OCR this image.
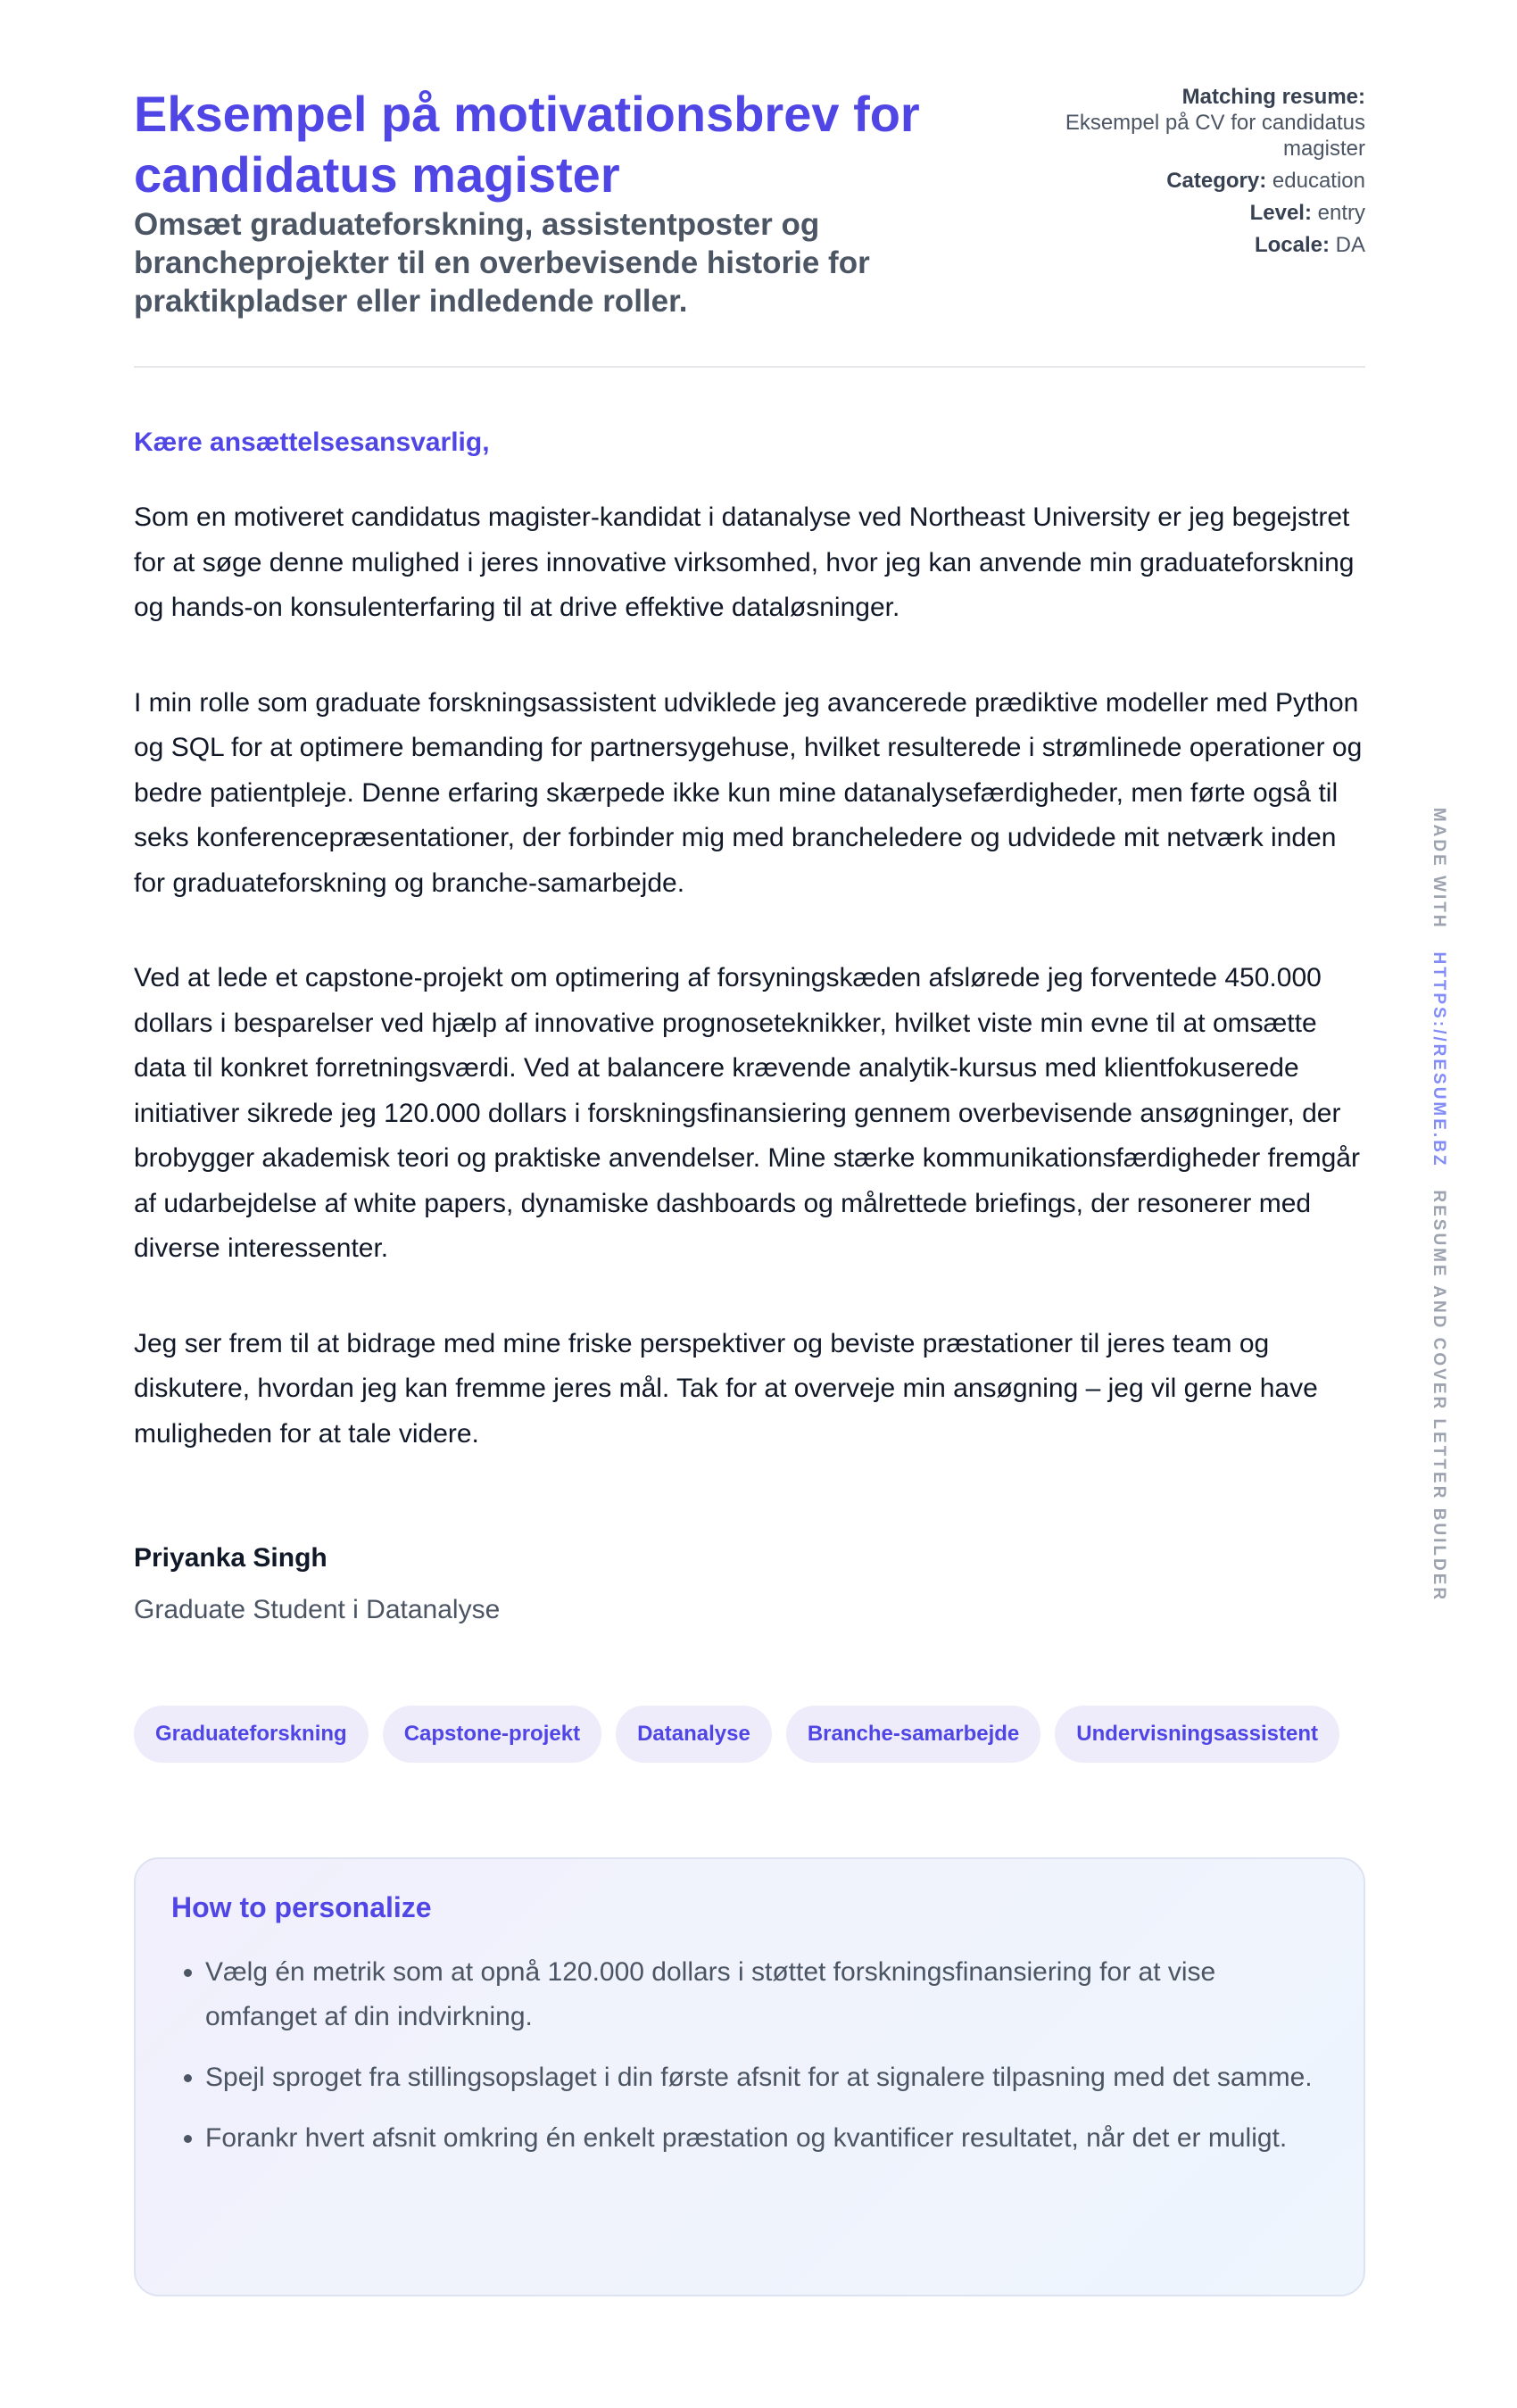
Eksempel på motivationsbrev for candidatus magister
Omsæt graduateforskning, assistentposter og brancheprojekter til en overbevisende historie for praktikpladser eller indledende roller.
Matching resume:
Eksempel på CV for candidatus magister
Category: education
Level: entry
Locale: DA

Kære ansættelsesansvarlig,

Som en motiveret candidatus magister-kandidat i datanalyse ved Northeast University er jeg begejstret for at søge denne mulighed i jeres innovative virksomhed, hvor jeg kan anvende min graduateforskning og hands-on konsulenterfaring til at drive effektive dataløsninger.

I min rolle som graduate forskningsassistent udviklede jeg avancerede prædiktive modeller med Python og SQL for at optimere bemanding for partnersygehuse, hvilket resulterede i strømlinede operationer og bedre patientpleje. Denne erfaring skærpede ikke kun mine datanalysefærdigheder, men førte også til seks konferencepræsentationer, der forbinder mig med brancheledere og udvidede mit netværk inden for graduateforskning og branche-samarbejde.

Ved at lede et capstone-projekt om optimering af forsyningskæden afslørede jeg forventede 450.000 dollars i besparelser ved hjælp af innovative prognoseteknikker, hvilket viste min evne til at omsætte data til konkret forretningsværdi. Ved at balancere krævende analytik-kursus med klientfokuserede initiativer sikrede jeg 120.000 dollars i forskningsfinansiering gennem overbevisende ansøgninger, der brobygger akademisk teori og praktiske anvendelser. Mine stærke kommunikationsfærdigheder fremgår af udarbejdelse af white papers, dynamiske dashboards og målrettede briefings, der resonerer med diverse interessenter.

Jeg ser frem til at bidrage med mine friske perspektiver og beviste præstationer til jeres team og diskutere, hvordan jeg kan fremme jeres mål. Tak for at overveje min ansøgning – jeg vil gerne have muligheden for at tale videre.

Priyanka Singh

Graduate Student i Datanalyse

Graduateforskning	Capstone-projekt	Datanalyse	Branche-samarbejde	Undervisningsassistent
How to personalize
• Vælg én metrik som at opnå 120.000 dollars i støttet forskningsfinansiering for at vise omfanget af din indvirkning.
• Spejl sproget fra stillingsopslaget i din første afsnit for at signalere tilpasning med det samme.
• Forankr hvert afsnit omkring én enkelt præstation og kvantificer resultatet, når det er muligt.
MADE WITH   HTTPS://RESUME.BZ   RESUME AND COVER LETTER BUILDER
